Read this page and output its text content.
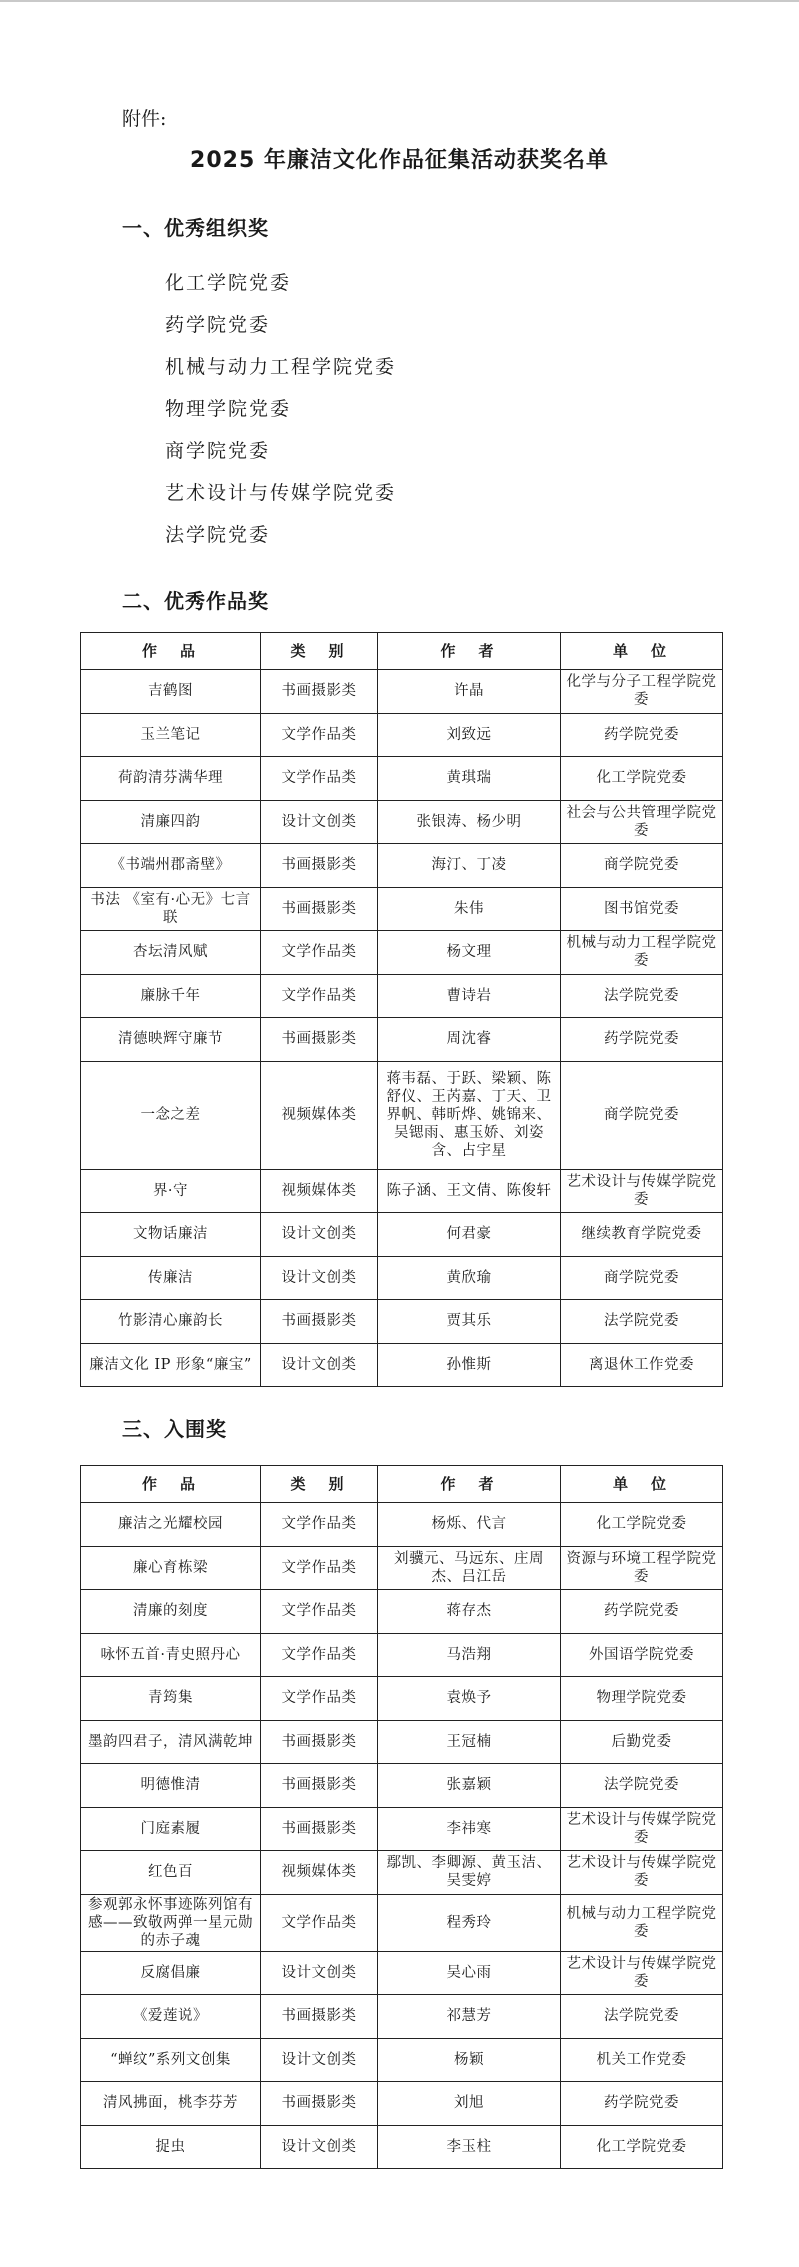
附件:
2025 年廉洁文化作品征集活动获奖名单
一、优秀组织奖
化工学院党委
药学院党委
机械与动力工程学院党委
物理学院党委
商学院党委
艺术设计与传媒学院党委
法学院党委
二、优秀作品奖
作　品	类　别	作　者	单　位
吉鹤图	书画摄影类	许晶	化学与分子工程学院党委
玉兰笔记	文学作品类	刘致远	药学院党委
荷韵清芬满华理	文学作品类	黄琪瑞	化工学院党委
清廉四韵	设计文创类	张银涛、杨少明	社会与公共管理学院党委
《书端州郡斋壁》	书画摄影类	海汀、丁凌	商学院党委
书法 《室有·心无》七言联	书画摄影类	朱伟	图书馆党委
杏坛清风赋	文学作品类	杨文理	机械与动力工程学院党委
廉脉千年	文学作品类	曹诗岩	法学院党委
清德映辉守廉节	书画摄影类	周沈睿	药学院党委
一念之差	视频媒体类	蒋韦磊、于跃、梁颖、陈舒仪、王芮嘉、丁天、卫界帆、韩昕烨、姚锦来、吴锶雨、惠玉娇、刘姿含、占宇星	商学院党委
界·守	视频媒体类	陈子涵、王文倩、陈俊轩	艺术设计与传媒学院党委
文物话廉洁	设计文创类	何君豪	继续教育学院党委
传廉洁	设计文创类	黄欣瑜	商学院党委
竹影清心廉韵长	书画摄影类	贾其乐	法学院党委
廉洁文化 IP 形象“廉宝”	设计文创类	孙惟斯	离退休工作党委
三、入围奖
作　品	类　别	作　者	单　位
廉洁之光耀校园	文学作品类	杨烁、代言	化工学院党委
廉心育栋梁	文学作品类	刘骥元、马远东、庄周杰、吕江岳	资源与环境工程学院党委
清廉的刻度	文学作品类	蒋存杰	药学院党委
咏怀五首·青史照丹心	文学作品类	马浩翔	外国语学院党委
青筠集	文学作品类	袁焕予	物理学院党委
墨韵四君子，清风满乾坤	书画摄影类	王冠楠	后勤党委
明德惟清	书画摄影类	张嘉颖	法学院党委
门庭素履	书画摄影类	李祎寒	艺术设计与传媒学院党委
红色百	视频媒体类	鄢凯、李卿源、黄玉洁、吴雯婷	艺术设计与传媒学院党委
参观郭永怀事迹陈列馆有感——致敬两弹一星元勋的赤子魂	文学作品类	程秀玲	机械与动力工程学院党委
反腐倡廉	设计文创类	吴心雨	艺术设计与传媒学院党委
《爱莲说》	书画摄影类	祁慧芳	法学院党委
“蝉纹”系列文创集	设计文创类	杨颖	机关工作党委
清风拂面，桃李芬芳	书画摄影类	刘旭	药学院党委
捉虫	设计文创类	李玉柱	化工学院党委
